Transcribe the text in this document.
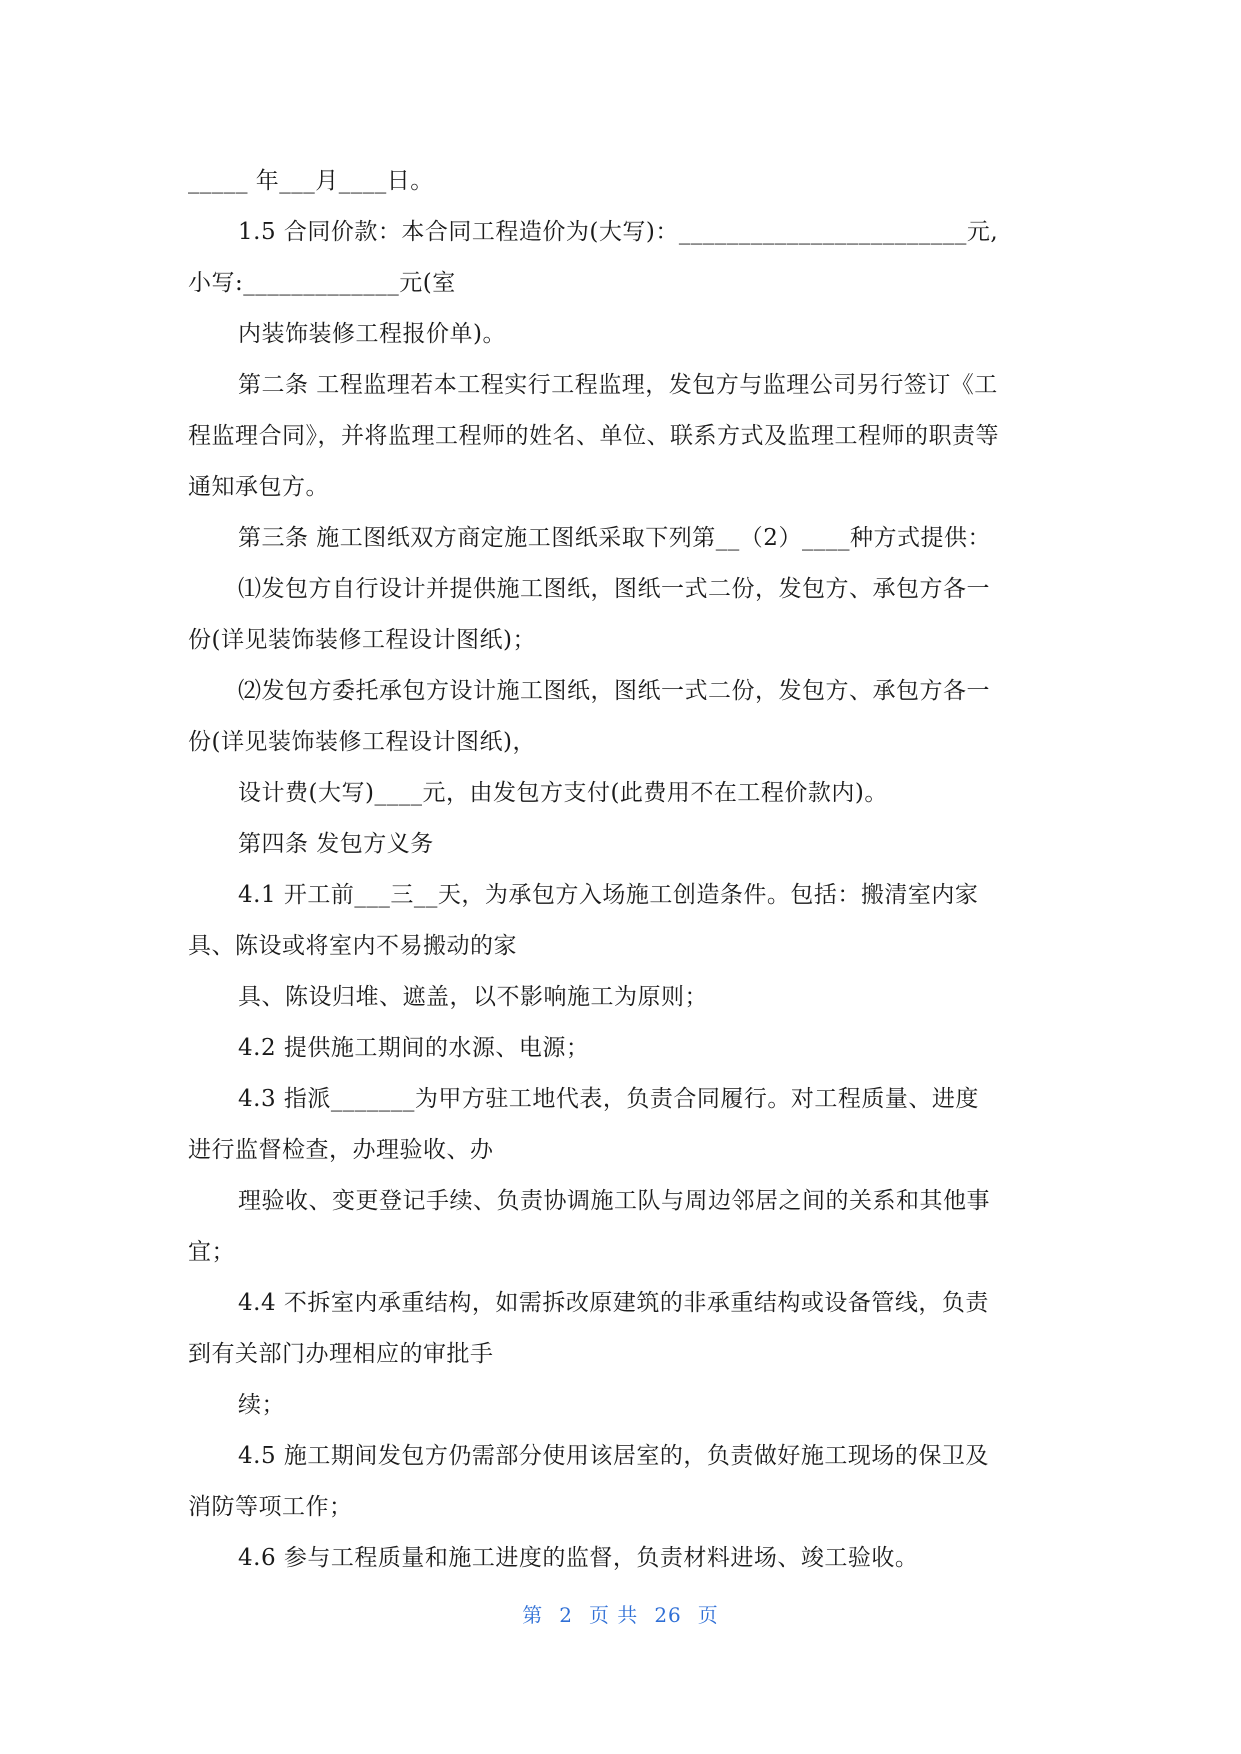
_____ 年___月____日。
1.5 合同价款：本合同工程造价为(大写)：________________________元,
小写:_____________元(室
内装饰装修工程报价单)。
第二条 工程监理若本工程实行工程监理，发包方与监理公司另行签订《工
程监理合同》，并将监理工程师的姓名、单位、联系方式及监理工程师的职责等
通知承包方。
第三条 施工图纸双方商定施工图纸采取下列第__（2）____种方式提供：
⑴发包方自行设计并提供施工图纸，图纸一式二份，发包方、承包方各一
份(详见装饰装修工程设计图纸)；
⑵发包方委托承包方设计施工图纸，图纸一式二份，发包方、承包方各一
份(详见装饰装修工程设计图纸)，
设计费(大写)____元，由发包方支付(此费用不在工程价款内)。
第四条 发包方义务
4.1 开工前___三__天，为承包方入场施工创造条件。包括：搬清室内家
具、陈设或将室内不易搬动的家
具、陈设归堆、遮盖，以不影响施工为原则；
4.2 提供施工期间的水源、电源；
4.3 指派_______为甲方驻工地代表，负责合同履行。对工程质量、进度
进行监督检查，办理验收、办
理验收、变更登记手续、负责协调施工队与周边邻居之间的关系和其他事
宜；
4.4 不拆室内承重结构，如需拆改原建筑的非承重结构或设备管线，负责
到有关部门办理相应的审批手
续；
4.5 施工期间发包方仍需部分使用该居室的，负责做好施工现场的保卫及
消防等项工作；
4.6 参与工程质量和施工进度的监督，负责材料进场、竣工验收。
第 2 页 共 26 页
